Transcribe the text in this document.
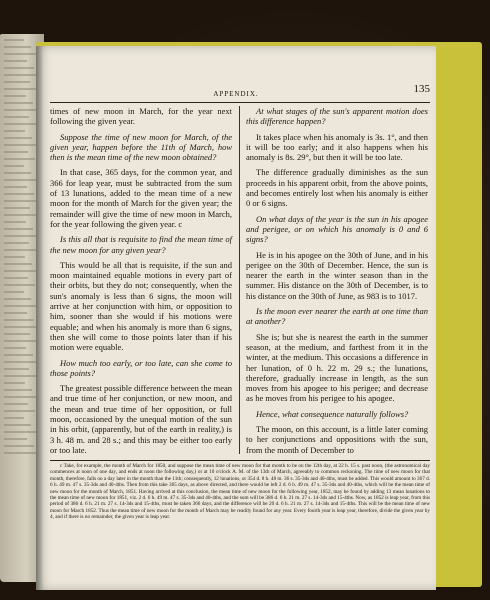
APPENDIX.	135

times of new moon in March, for the year next following the given year.

Suppose the time of new moon for March, of the given year, happen before the 11th of March, how then is the mean time of the new moon obtained?

In that case, 365 days, for the common year, and 366 for leap year, must be subtracted from the sum of 13 lunations, added to the mean time of a new moon for the month of March for the given year; the remainder will give the time of new moon in March, for the year following the given year. c

Is this all that is requisite to find the mean time of the new moon for any given year?

This would be all that is requisite, if the sun and moon maintained equable motions in every part of their orbits, but they do not; consequently, when the sun's anomaly is less than 6 signs, the moon will arrive at her conjunction with him, or opposition to him, sooner than she would if his motions were equable; and when his anomaly is more than 6 signs, then she will come to those points later than if his motion were equable.

How much too early, or too late, can she come to those points?

The greatest possible difference between the mean and true time of her conjunction, or new moon, and the mean and true time of her opposition, or full moon, occasioned by the unequal motion of the sun in his orbit, (apparently, but of the earth in reality,) is 3 h. 48 m. and 28 s.; and this may be either too early or too late.

At what stages of the sun's apparent motion does this difference happen?

It takes place when his anomaly is 3s. 1°, and then it will be too early; and it also happens when his anomaly is 8s. 29°, but then it will be too late.

The difference gradually diminishes as the sun proceeds in his apparent orbit, from the above points, and becomes entirely lost when his anomaly is either 0 or 6 signs.

On what days of the year is the sun in his apogee and perigee, or on which his anomaly is 0 and 6 signs?

He is in his apogee on the 30th of June, and in his perigee on the 30th of December. Hence, the sun is nearer the earth in the winter season than in the summer. His distance on the 30th of December, is to his distance on the 30th of June, as 983 is to 1017.

Is the moon ever nearer the earth at one time than at another?

She is; but she is nearest the earth in the summer season, at the medium, and farthest from it in the winter, at the medium. This occasions a difference in her lunation, of 0 h. 22 m. 29 s.; the lunations, therefore, gradually increase in length, as the sun moves from his apogee to his perigee; and decrease as he moves from his perigee to his apogee.

Hence, what consequence naturally follows?

The moon, on this account, is a little later coming to her conjunctions and oppositions with the sun, from the month of December to

c Take, for example, the month of March for 1850, and suppose the mean time of new moon for that month to be on the 12th day, at 22 h. 15 s. past noon, (the astronomical day commences at noon of one day, and ends at noon the following day,) or at 10 o'clock A. M. of the 13th of March, agreeably to common reckoning. The time of new moon for that month, therefore, falls on a day later in the month than the 11th; consequently, 12 lunations, or 354 d. 8 h. 48 m. 36 s. 35-3ds and 40-4ths, must be added. This would amount to 367 d. 6 h. 49 m. 47 s. 35-3ds and 40-4ths. Then from this take 365 days, as above directed, and there would be left 2 d. 6 h. 49 m. 47 s. 35-3ds and 40-4ths, which will be the mean time of new moon for the month of March, 1851. Having arrived at this conclusion, the mean time of new moon for the following year, 1852, may be found by adding 13 mean lunations to the mean time of new moon for 1851, viz. 2 d. 6 h. 49 m. 47 s. 35-3ds and 40-4ths, and the sum will be 386 d. 6 h. 21 m. 27 s. 14-3ds and 15-4ths. Now, as 1852 is leap year, from this period of 386 d. 6 h. 21 m. 27 s. 14-3ds and 15-4ths, must be taken 366 days, and the difference will be 20 d. 6 h. 21 m. 27 s. 14-3ds and 15-4ths. This will be the mean time of new moon for March 1852. Thus the mean time of new moon for the month of March may be readily found for any year. Every fourth year is leap year, therefore, divide the given year by 4, and if there is no remainder, the given year is leap year.
